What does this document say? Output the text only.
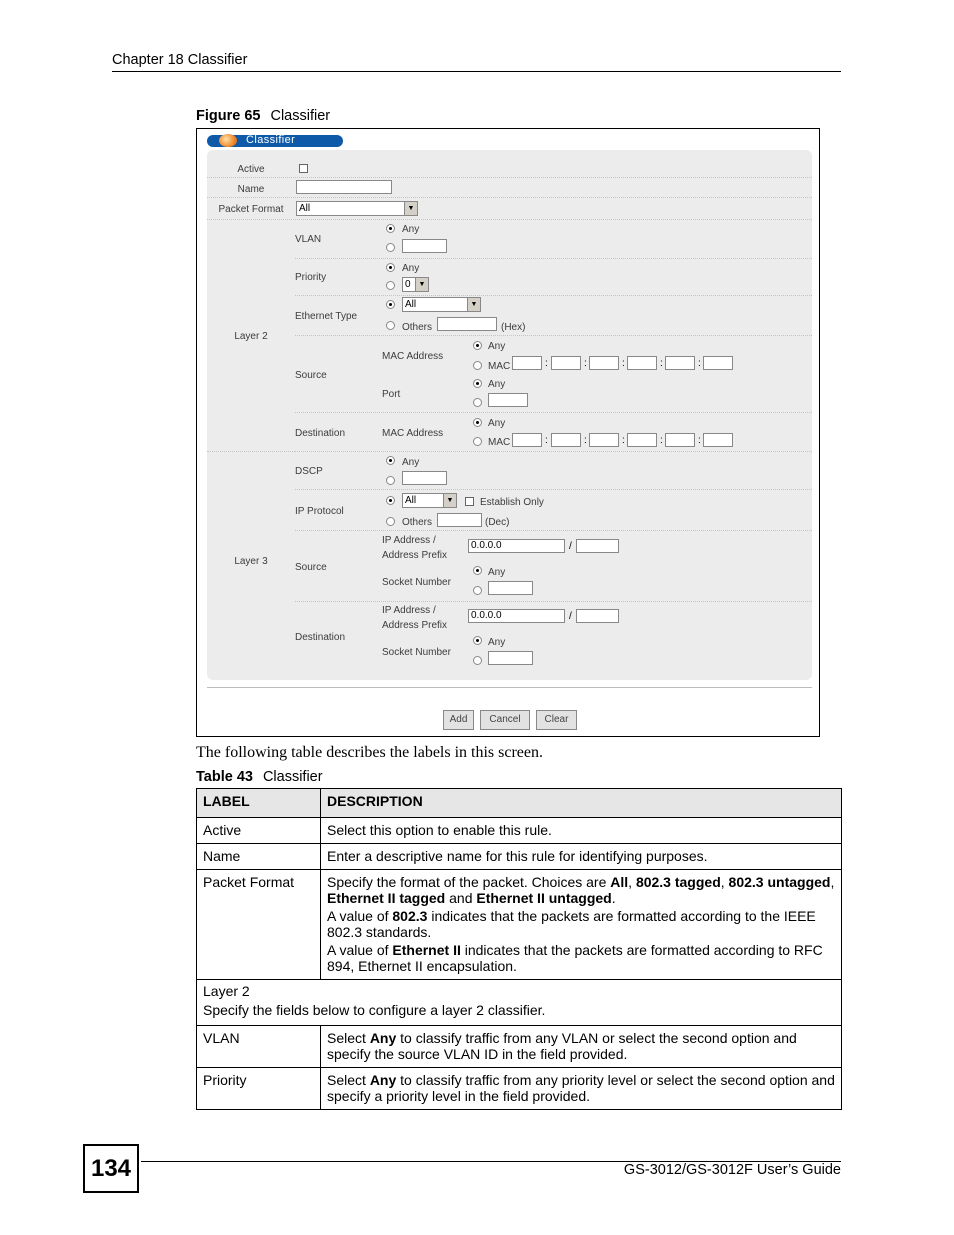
Chapter 18 Classifier
Figure 65 Classifier
Classifier
Active
Name
Packet Format	All	▼
Layer 2
VLAN
Any
Priority
Any
0	▼
Ethernet Type
All	▼
Others	(Hex)
Source
MAC Address
Any
MAC	:	:	:	:	:
Port
Any
Destination	MAC Address
Any
MAC	:	:	:	:	:
Layer 3
DSCP
Any
IP Protocol
All	▼	Establish Only
Others	(Dec)
Source
IP Address /
Address Prefix
0.0.0.0	/
Socket Number
Any
Destination
IP Address /
Address Prefix
0.0.0.0	/
Socket Number
Any
Add	Cancel	Clear
The following table describes the labels in this screen.
Table 43 Classifier
LABEL	DESCRIPTION
Active	Select this option to enable this rule.
Name	Enter a descriptive name for this rule for identifying purposes.
Packet Format	Specify the format of the packet. Choices are All, 802.3 tagged, 802.3 untagged, Ethernet II tagged and Ethernet II untagged.
A value of 802.3 indicates that the packets are formatted according to the IEEE 802.3 standards.
A value of Ethernet II indicates that the packets are formatted according to RFC 894, Ethernet II encapsulation.

Layer 2
Specify the fields below to configure a layer 2 classifier.	

VLAN	Select Any to classify traffic from any VLAN or select the second option and specify the source VLAN ID in the field provided.
Priority	Select Any to classify traffic from any priority level or select the second option and specify a priority level in the field provided.
134	GS-3012/GS-3012F User’s Guide
